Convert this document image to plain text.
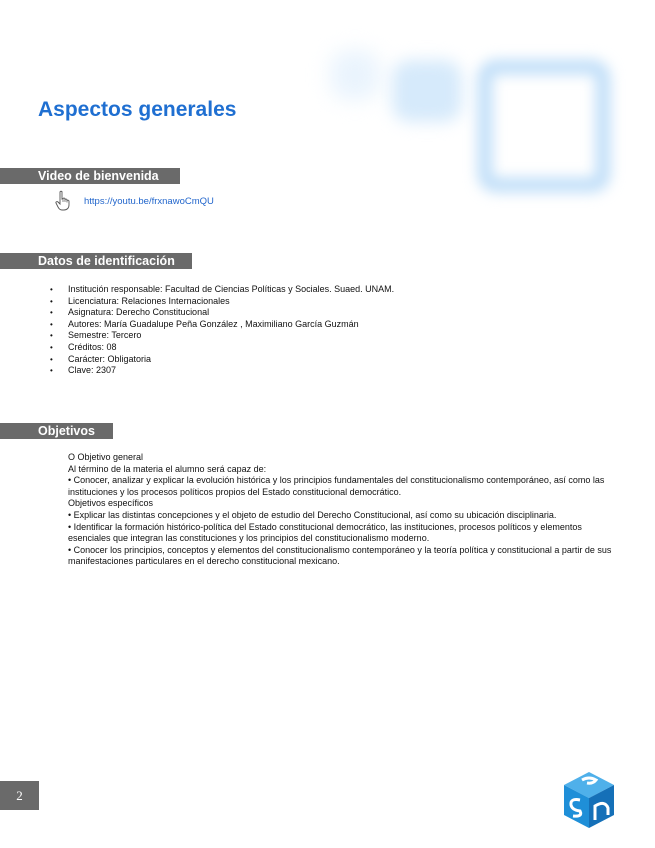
Aspectos generales
Video de bienvenida
https://youtu.be/frxnawoCmQU
Datos de identificación
• Institución responsable: Facultad de Ciencias Políticas y Sociales. Suaed. UNAM.
• Licenciatura: Relaciones Internacionales
• Asignatura: Derecho Constitucional
• Autores: María Guadalupe Peña González , Maximiliano García Guzmán
• Semestre: Tercero
• Créditos: 08
• Carácter: Obligatoria
• Clave: 2307
Objetivos

O Objetivo general

Al término de la materia el alumno será capaz de:

• Conocer, analizar y explicar la evolución histórica y los principios fundamentales del constitucionalismo contemporáneo, así como las instituciones y los procesos políticos propios del Estado constitucional democrático.

Objetivos específicos

• Explicar las distintas concepciones y el objeto de estudio del Derecho Constitucional, así como su ubicación disciplinaria.

• Identificar la formación histórico-política del Estado constitucional democrático, las instituciones, procesos políticos y elementos esenciales que integran las constituciones y los principios del constitucionalismo moderno.

• Conocer los principios, conceptos y elementos del constitucionalismo contemporáneo y la teoría política y constitucional a partir de sus manifestaciones particulares en el derecho constitucional mexicano.

2
